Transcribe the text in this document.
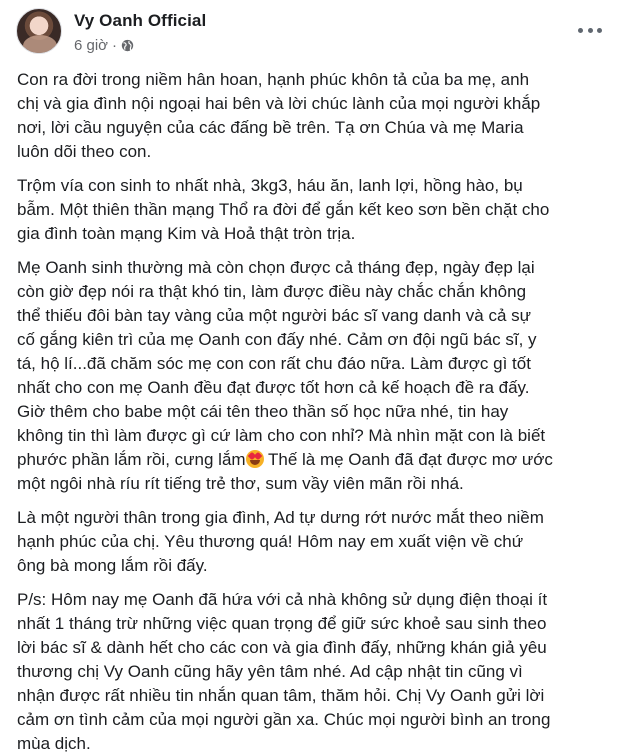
Vy Oanh Official
6 giờ ·

Con ra đời trong niềm hân hoan, hạnh phúc khôn tả của ba mẹ, anh
chị và gia đình nội ngoại hai bên và lời chúc lành của mọi người khắp
nơi, lời cầu nguyện của các đấng bề trên. Tạ ơn Chúa và mẹ Maria
luôn dõi theo con.

Trộm vía con sinh to nhất nhà, 3kg3, háu ăn, lanh lợi, hồng hào, bụ
bẫm. Một thiên thần mạng Thổ ra đời để gắn kết keo sơn bền chặt cho
gia đình toàn mạng Kim và Hoả thật tròn trịa.

Mẹ Oanh sinh thường mà còn chọn được cả tháng đẹp, ngày đẹp lại
còn giờ đẹp nói ra thật khó tin, làm được điều này chắc chắn không
thể thiếu đôi bàn tay vàng của một người bác sĩ vang danh và cả sự
cố gắng kiên trì của mẹ Oanh con đấy nhé. Cảm ơn đội ngũ bác sĩ, y
tá, hộ lí...đã chăm sóc mẹ con con rất chu đáo nữa. Làm được gì tốt
nhất cho con mẹ Oanh đều đạt được tốt hơn cả kế hoạch đề ra đấy.
Giờ thêm cho babe một cái tên theo thần số học nữa nhé, tin hay
không tin thì làm được gì cứ làm cho con nhỉ? Mà nhìn mặt con là biết
phước phần lắm rồi, cưng lắm
Thế là mẹ Oanh đã đạt được mơ ước
một ngôi nhà ríu rít tiếng trẻ thơ, sum vầy viên mãn rồi nhá.

Là một người thân trong gia đình, Ad tự dưng rớt nước mắt theo niềm
hạnh phúc của chị. Yêu thương quá! Hôm nay em xuất viện về chứ
ông bà mong lắm rồi đấy.

P/s: Hôm nay mẹ Oanh đã hứa với cả nhà không sử dụng điện thoại ít
nhất 1 tháng trừ những việc quan trọng để giữ sức khoẻ sau sinh theo
lời bác sĩ & dành hết cho các con và gia đình đấy, những khán giả yêu
thương chị Vy Oanh cũng hãy yên tâm nhé. Ad cập nhật tin cũng vì
nhận được rất nhiều tin nhắn quan tâm, thăm hỏi. Chị Vy Oanh gửi lời
cảm ơn tình cảm của mọi người gần xa. Chúc mọi người bình an trong
mùa dịch.
